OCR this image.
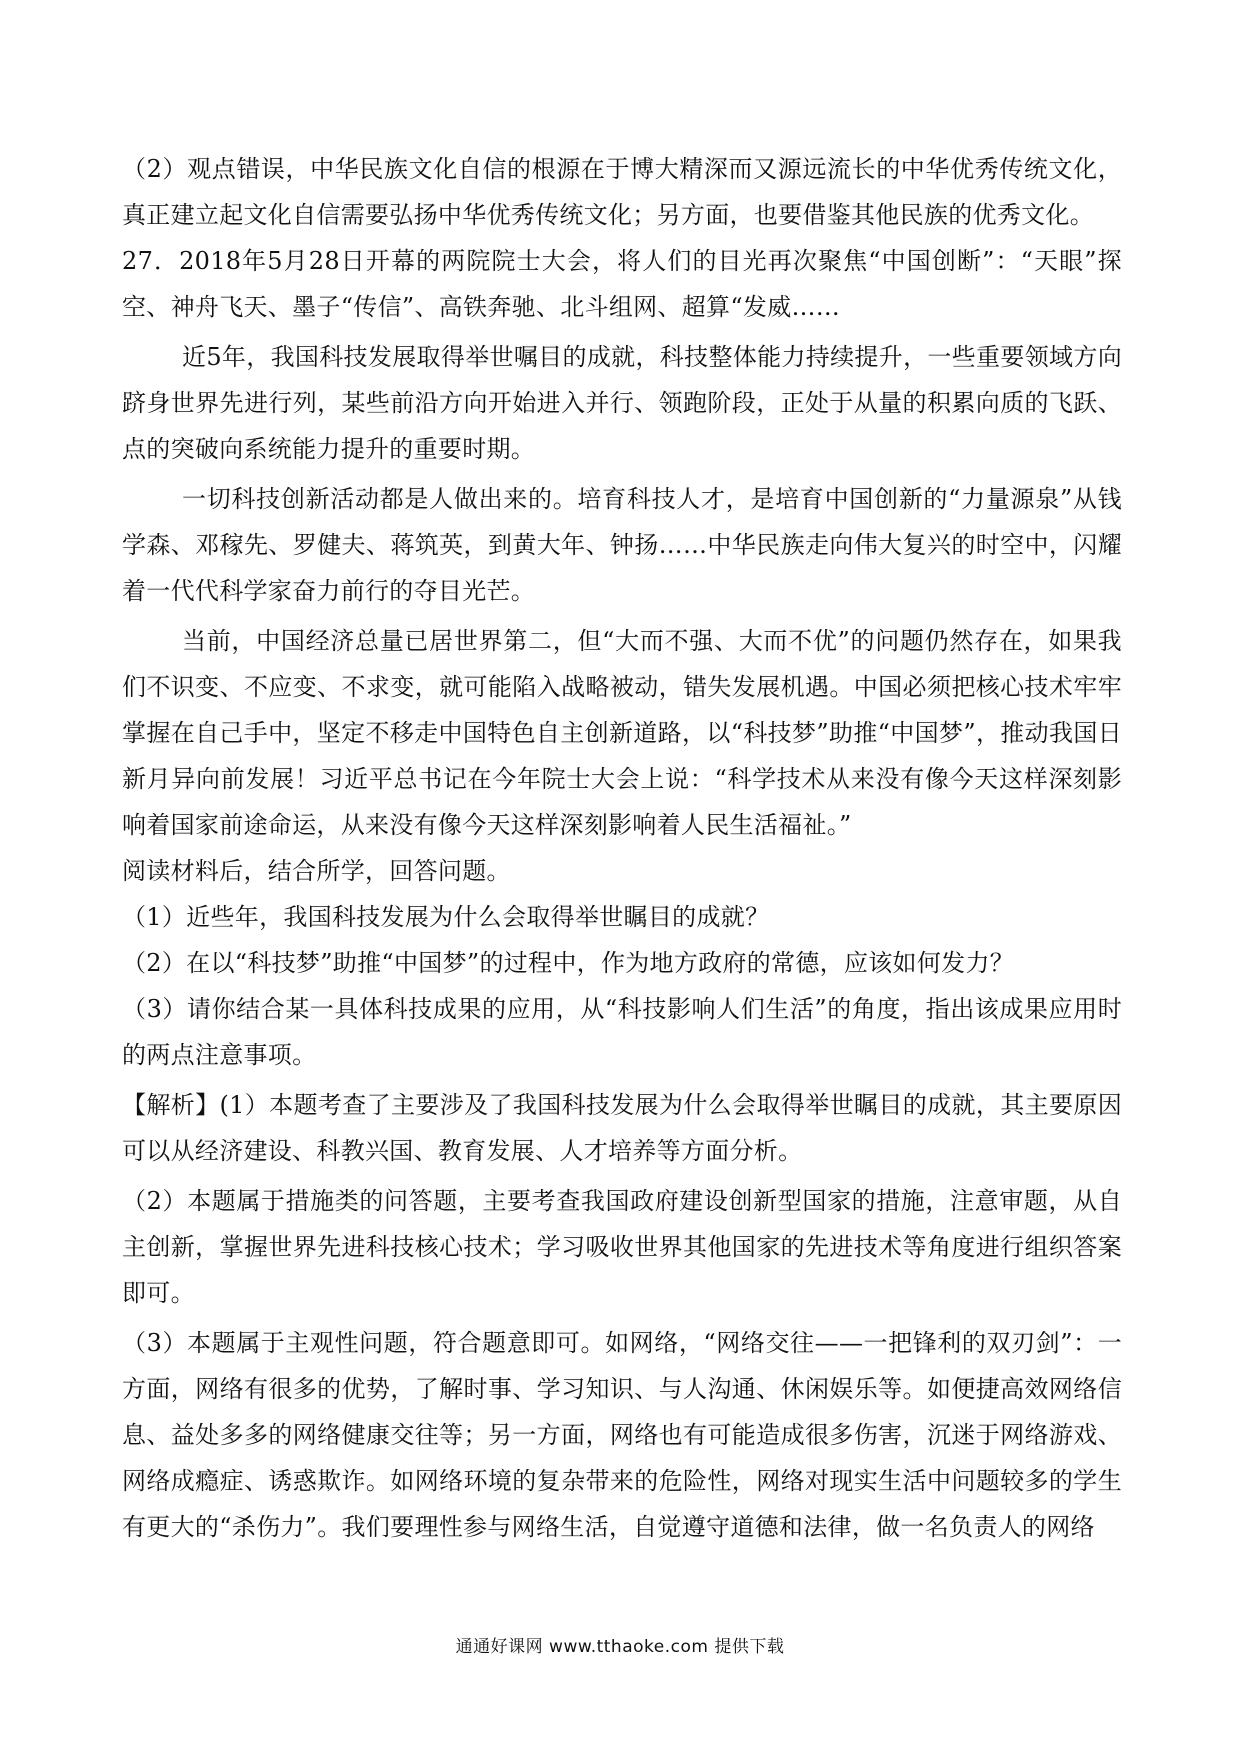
（2）观点错误，中华民族文化自信的根源在于博大精深而又源远流长的中华优秀传统文化，真正建立起文化自信需要弘扬中华优秀传统文化；另方面，也要借鉴其他民族的优秀文化。

27．2018年5月28日开幕的两院院士大会，将人们的目光再次聚焦“中国创断”：“天眼”探空、神舟飞天、墨子“传信”、高铁奔驰、北斗组网、超算“发威……

近5年，我国科技发展取得举世嘱目的成就，科技整体能力持续提升，一些重要领域方向跻身世界先进行列，某些前沿方向开始进入并行、领跑阶段，正处于从量的积累向质的飞跃、点的突破向系统能力提升的重要时期。

一切科技创新活动都是人做出来的。培育科技人才，是培育中国创新的“力量源泉”从钱学森、邓稼先、罗健夫、蒋筑英，到黄大年、钟扬……中华民族走向伟大复兴的时空中，闪耀着一代代科学家奋力前行的夺目光芒。

当前，中国经济总量已居世界第二，但“大而不强、大而不优”的问题仍然存在，如果我们不识变、不应变、不求变，就可能陷入战略被动，错失发展机遇。中国必须把核心技术牢牢掌握在自己手中，坚定不移走中国特色自主创新道路，以“科技梦”助推“中国梦”，推动我国日新月异向前发展！习近平总书记在今年院士大会上说：“科学技术从来没有像今天这样深刻影响着国家前途命运，从来没有像今天这样深刻影响着人民生活福祉。”

阅读材料后，结合所学，回答问题。

（1）近些年，我国科技发展为什么会取得举世瞩目的成就？

（2）在以“科技梦”助推“中国梦”的过程中，作为地方政府的常德，应该如何发力？

（3）请你结合某一具体科技成果的应用，从“科技影响人们生活”的角度，指出该成果应用时的两点注意事项。

【解析】(1）本题考查了主要涉及了我国科技发展为什么会取得举世瞩目的成就，其主要原因可以从经济建设、科教兴国、教育发展、人才培养等方面分析。

（2）本题属于措施类的问答题，主要考查我国政府建设创新型国家的措施，注意审题，从自主创新，掌握世界先进科技核心技术；学习吸收世界其他国家的先进技术等角度进行组织答案即可。

（3）本题属于主观性问题，符合题意即可。如网络，“网络交往——一把锋利的双刃剑”：一方面，网络有很多的优势，了解时事、学习知识、与人沟通、休闲娱乐等。如便捷高效网络信息、益处多多的网络健康交往等；另一方面，网络也有可能造成很多伤害，沉迷于网络游戏、网络成瘾症、诱惑欺诈。如网络环境的复杂带来的危险性，网络对现实生活中问题较多的学生有更大的“杀伤力”。我们要理性参与网络生活，自觉遵守道德和法律，做一名负责人的网络

通通好课网 www.tthaoke.com 提供下载
